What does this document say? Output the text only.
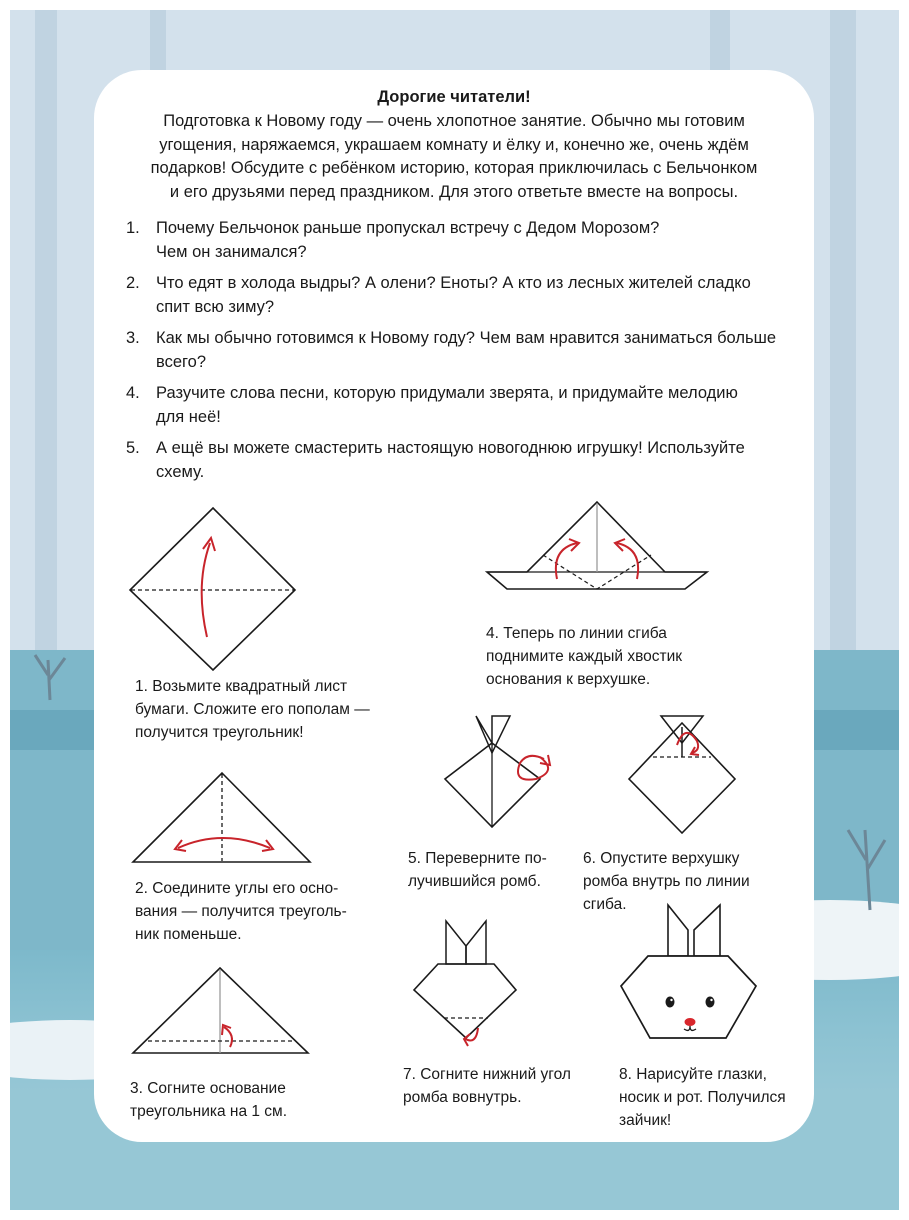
Дорогие читатели!
Подготовка к Новому году — очень хлопотное занятие. Обычно мы готовим
угощения, наряжаемся, украшаем комнату и ёлку и, конечно же, очень ждём
подарков! Обсудите с ребёнком историю, которая приключилась с Бельчонком
и его друзьями перед праздником. Для этого ответьте вместе на вопросы.
1. Почему Бельчонок раньше пропускал встречу с Дедом Морозом?
Чем он занимался?
2. Что едят в холода выдры? А олени? Еноты? А кто из лесных жителей сладко
спит всю зиму?
3. Как мы обычно готовимся к Новому году? Чем вам нравится заниматься больше
всего?
4. Разучите слова песни, которую придумали зверята, и придумайте мелодию
для неё!
5. А ещё вы можете смастерить настоящую новогоднюю игрушку! Используйте
схему.
1. Возьмите квадратный лист
бумаги. Сложите его пополам —
получится треугольник!
2. Соедините углы его осно-
вания — получится треуголь-
ник поменьше.
3. Согните основание
треугольника на 1 см.
4. Теперь по линии сгиба
поднимите каждый хвостик
основания к верхушке.
5. Переверните по-
лучившийся ромб.
6. Опустите верхушку
ромба внутрь по линии
сгиба.
7. Согните нижний угол
ромба вовнутрь.
8. Нарисуйте глазки,
носик и рот. Получился
зайчик!
